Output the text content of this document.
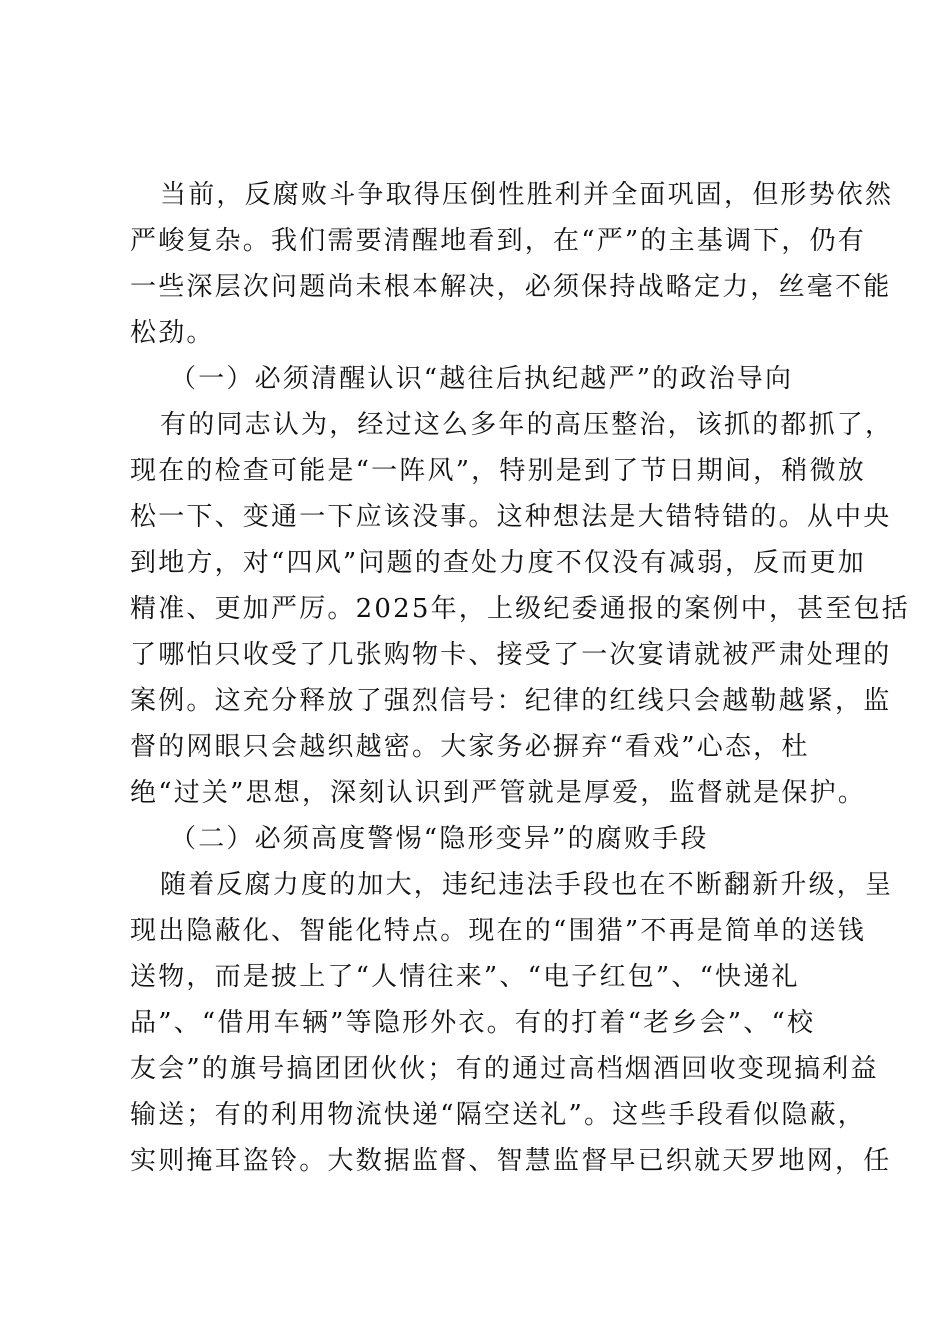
当前，反腐败斗争取得压倒性胜利并全面巩固，但形势依然
严峻复杂。我们需要清醒地看到，在“严”的主基调下，仍有
一些深层次问题尚未根本解决，必须保持战略定力，丝毫不能
松劲。
（一）必须清醒认识“越往后执纪越严”的政治导向
有的同志认为，经过这么多年的高压整治，该抓的都抓了，
现在的检查可能是“一阵风”，特别是到了节日期间，稍微放
松一下、变通一下应该没事。这种想法是大错特错的。从中央
到地方，对“四风”问题的查处力度不仅没有减弱，反而更加
精准、更加严厉。2025年，上级纪委通报的案例中，甚至包括
了哪怕只收受了几张购物卡、接受了一次宴请就被严肃处理的
案例。这充分释放了强烈信号：纪律的红线只会越勒越紧，监
督的网眼只会越织越密。大家务必摒弃“看戏”心态，杜
绝“过关”思想，深刻认识到严管就是厚爱，监督就是保护。
（二）必须高度警惕“隐形变异”的腐败手段
随着反腐力度的加大，违纪违法手段也在不断翻新升级，呈
现出隐蔽化、智能化特点。现在的“围猎”不再是简单的送钱
送物，而是披上了“人情往来”、“电子红包”、“快递礼
品”、“借用车辆”等隐形外衣。有的打着“老乡会”、“校
友会”的旗号搞团团伙伙；有的通过高档烟酒回收变现搞利益
输送；有的利用物流快递“隔空送礼”。这些手段看似隐蔽，
实则掩耳盗铃。大数据监督、智慧监督早已织就天罗地网，任
